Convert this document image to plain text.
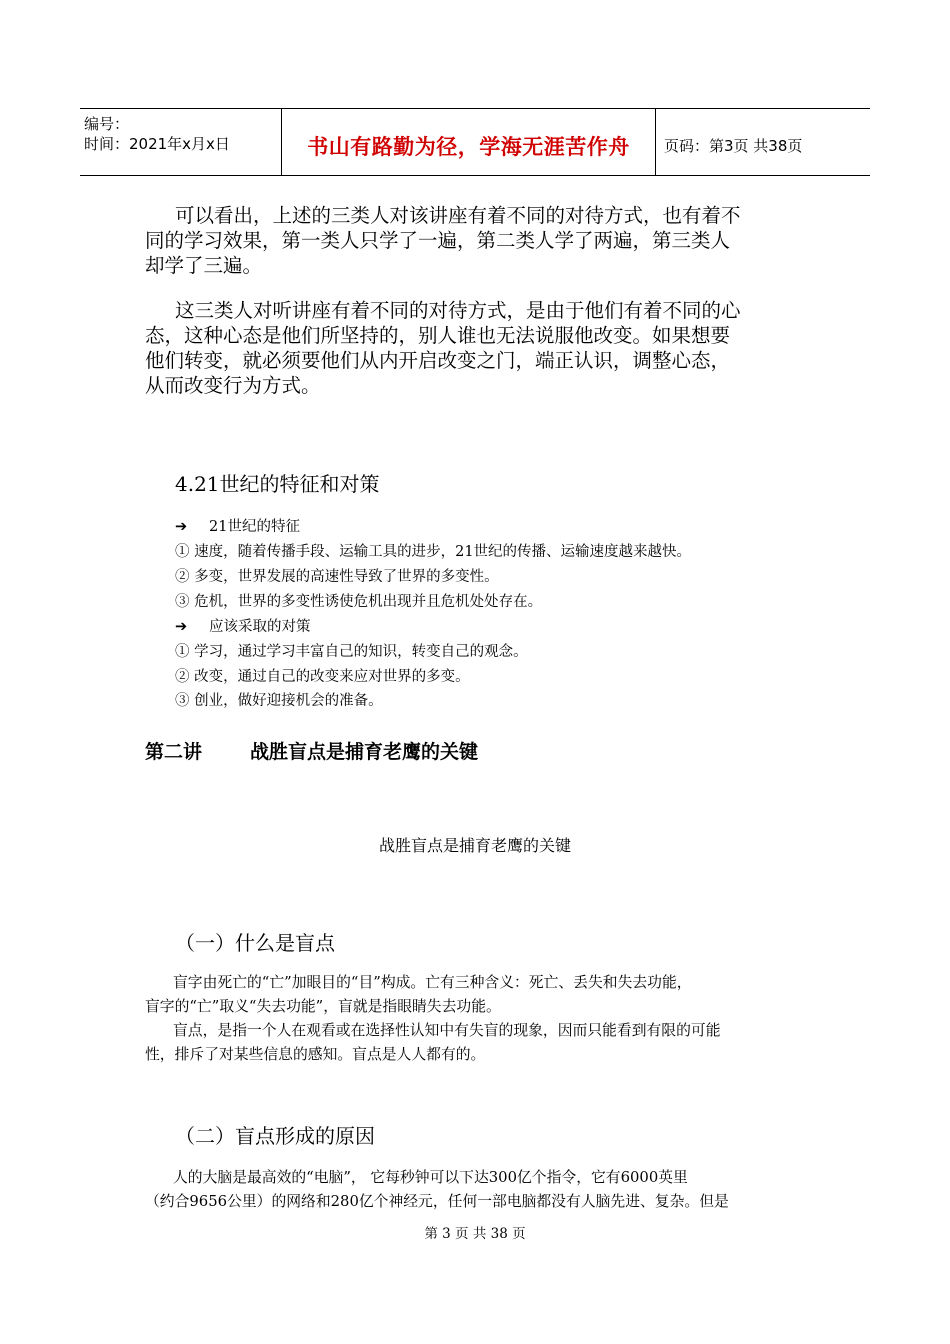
编号：
时间：2021年x月x日	书山有路勤为径，学海无涯苦作舟	页码：第3页 共38页
可以看出，上述的三类人对该讲座有着不同的对待方式，也有着不
同的学习效果，第一类人只学了一遍，第二类人学了两遍，第三类人
却学了三遍。
这三类人对听讲座有着不同的对待方式，是由于他们有着不同的心
态，这种心态是他们所坚持的，别人谁也无法说服他改变。如果想要
他们转变，就必须要他们从内开启改变之门，端正认识，调整心态，
从而改变行为方式。
4.21世纪的特征和对策
➔ 21世纪的特征
① 速度，随着传播手段、运输工具的进步，21世纪的传播、运输速度越来越快。
② 多变，世界发展的高速性导致了世界的多变性。
③ 危机，世界的多变性诱使危机出现并且危机处处存在。
➔ 应该采取的对策
① 学习，通过学习丰富自己的知识，转变自己的观念。
② 改变，通过自己的改变来应对世界的多变。
③ 创业，做好迎接机会的准备。
第二讲	战胜盲点是捕育老鹰的关键
战胜盲点是捕育老鹰的关键
（一）什么是盲点
盲字由死亡的“亡”加眼目的“目”构成。亡有三种含义：死亡、丢失和失去功能，
盲字的“亡”取义“失去功能”，盲就是指眼睛失去功能。
盲点，是指一个人在观看或在选择性认知中有失盲的现象，因而只能看到有限的可能
性，排斥了对某些信息的感知。盲点是人人都有的。
（二）盲点形成的原因
人的大脑是最高效的“电脑”， 它每秒钟可以下达300亿个指令，它有6000英里
（约合9656公里）的网络和280亿个神经元，任何一部电脑都没有人脑先进、复杂。但是
第 3 页 共 38 页
